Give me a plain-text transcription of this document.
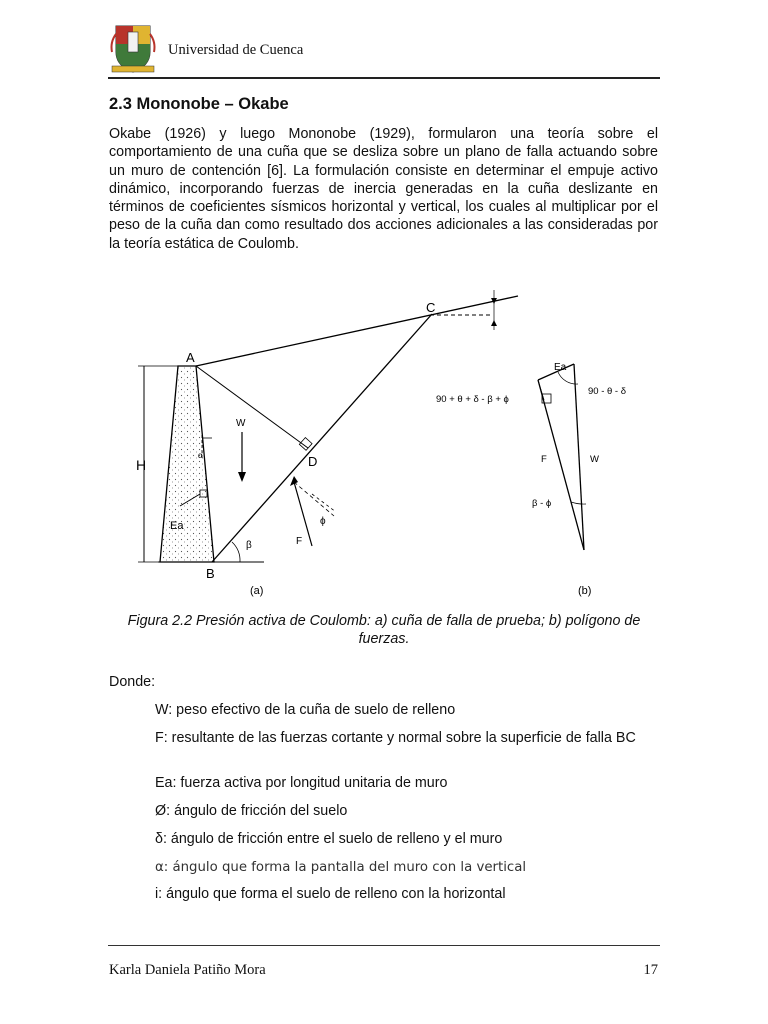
Universidad de Cuenca
2.3 Mononobe – Okabe

Okabe (1926) y luego Mononobe (1929), formularon una teoría sobre el comportamiento de una cuña que se desliza sobre un plano de falla actuando sobre un muro de contención [6]. La formulación consiste en determinar el empuje activo dinámico, incorporando fuerzas de inercia generadas en la cuña deslizante en términos de coeficientes sísmicos horizontal y vertical, los cuales al multiplicar por el peso de la cuña dan como resultado dos acciones adicionales a las consideradas por la teoría estática de Coulomb.

H
α
Ea
W
ϕ
F
β
A
B
C
D
(a)
Ea
90 - θ - δ
90 + θ + δ - β + ϕ
F	W
β - ϕ
(b)

Figura 2.2 Presión activa de Coulomb: a) cuña de falla de prueba; b) polígono de fuerzas.

Donde:
W: peso efectivo de la cuña de suelo de relleno

F: resultante de las fuerzas cortante y normal sobre la superficie de falla BC

Ea: fuerza activa por longitud unitaria de muro
Ø: ángulo de fricción del suelo
δ: ángulo de fricción entre el suelo de relleno y el muro
α: ángulo que forma la pantalla del muro con la vertical
i: ángulo que forma el suelo de relleno con la horizontal
Karla Daniela Patiño Mora	17
